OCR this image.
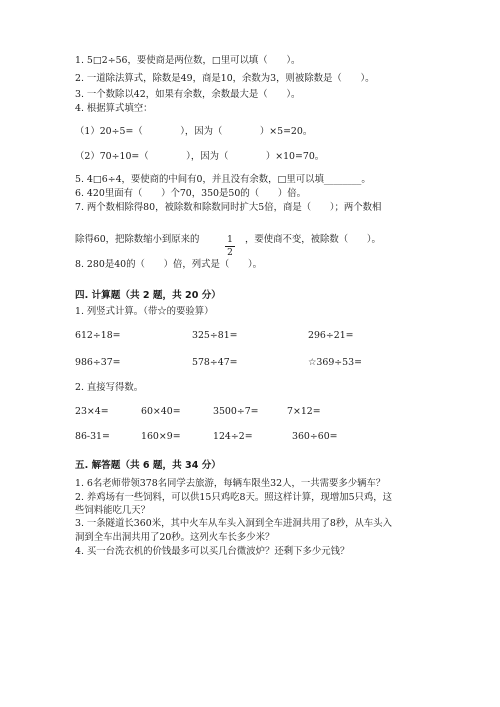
1. 5□2÷56，要使商是两位数，□里可以填（　　）。
2. 一道除法算式，除数是49，商是10，余数为3，则被除数是（　　）。
3. 一个数除以42，如果有余数，余数最大是（　　）。
4. 根据算式填空：
（1）20÷5=（　　　　），因为（　　　　）×5=20。
（2）70÷10=（　　　　），因为（　　　　）×10=70。
5. 4□6÷4，要使商的中间有0，并且没有余数，□里可以填________。
6. 420里面有（　　）个70，350是50的（　　）倍。
7. 两个数相除得80，被除数和除数同时扩大5倍，商是（　　）；两个数相
除得60，把除数缩小到原来的	1
2
，要使商不变，被除数（　　）。
8. 280是40的（　　）倍，列式是（　　）。
四. 计算题（共 2 题，共 20 分）
1. 列竖式计算。（带☆的要验算）
612÷18=	325÷81=	296÷21=
986÷37=	578÷47=	☆369÷53=
2. 直接写得数。
23×4=	60×40=	3500÷7=	7×12=
86-31=	160×9=	124÷2=	360÷60=
五. 解答题（共 6 题，共 34 分）
1. 6名老师带领378名同学去旅游，每辆车限坐32人，一共需要多少辆车？
2. 养鸡场有一些饲料，可以供15只鸡吃8天。照这样计算，现增加5只鸡，这
些饲料能吃几天？
3. 一条隧道长360米，其中火车从车头入洞到全车进洞共用了8秒，从车头入
洞到全车出洞共用了20秒。这列火车长多少米？
4. 买一台洗衣机的价钱最多可以买几台微波炉？还剩下多少元钱？
